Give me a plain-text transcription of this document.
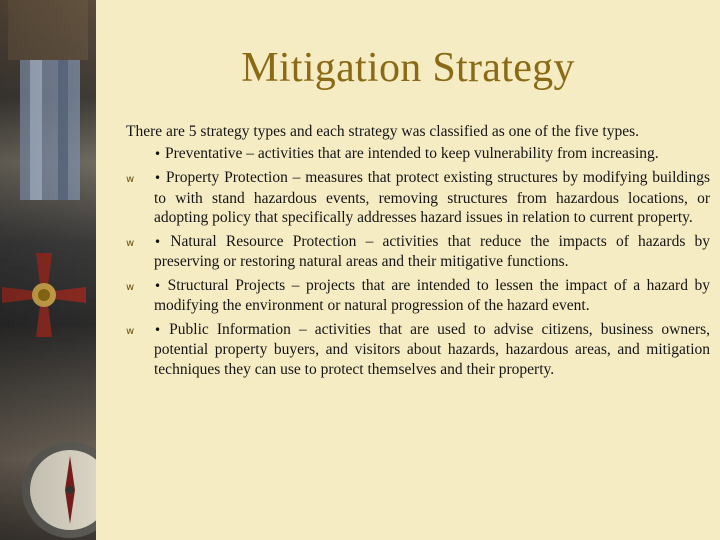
Mitigation Strategy

There are 5 strategy types and each strategy was classified as one of the five types.

• Preventative – activities that are intended to keep vulnerability from increasing.

w • Property Protection – measures that protect existing structures by modifying buildings to with stand hazardous events, removing structures from hazardous locations, or adopting policy that specifically addresses hazard issues in relation to current property.
w • Natural Resource Protection – activities that reduce the impacts of hazards by preserving or restoring natural areas and their mitigative functions.
w • Structural Projects – projects that are intended to lessen the impact of a hazard by modifying the environment or natural progression of the hazard event.
w • Public Information – activities that are used to advise citizens, business owners, potential property buyers, and visitors about hazards, hazardous areas, and mitigation techniques they can use to protect themselves and their property.
